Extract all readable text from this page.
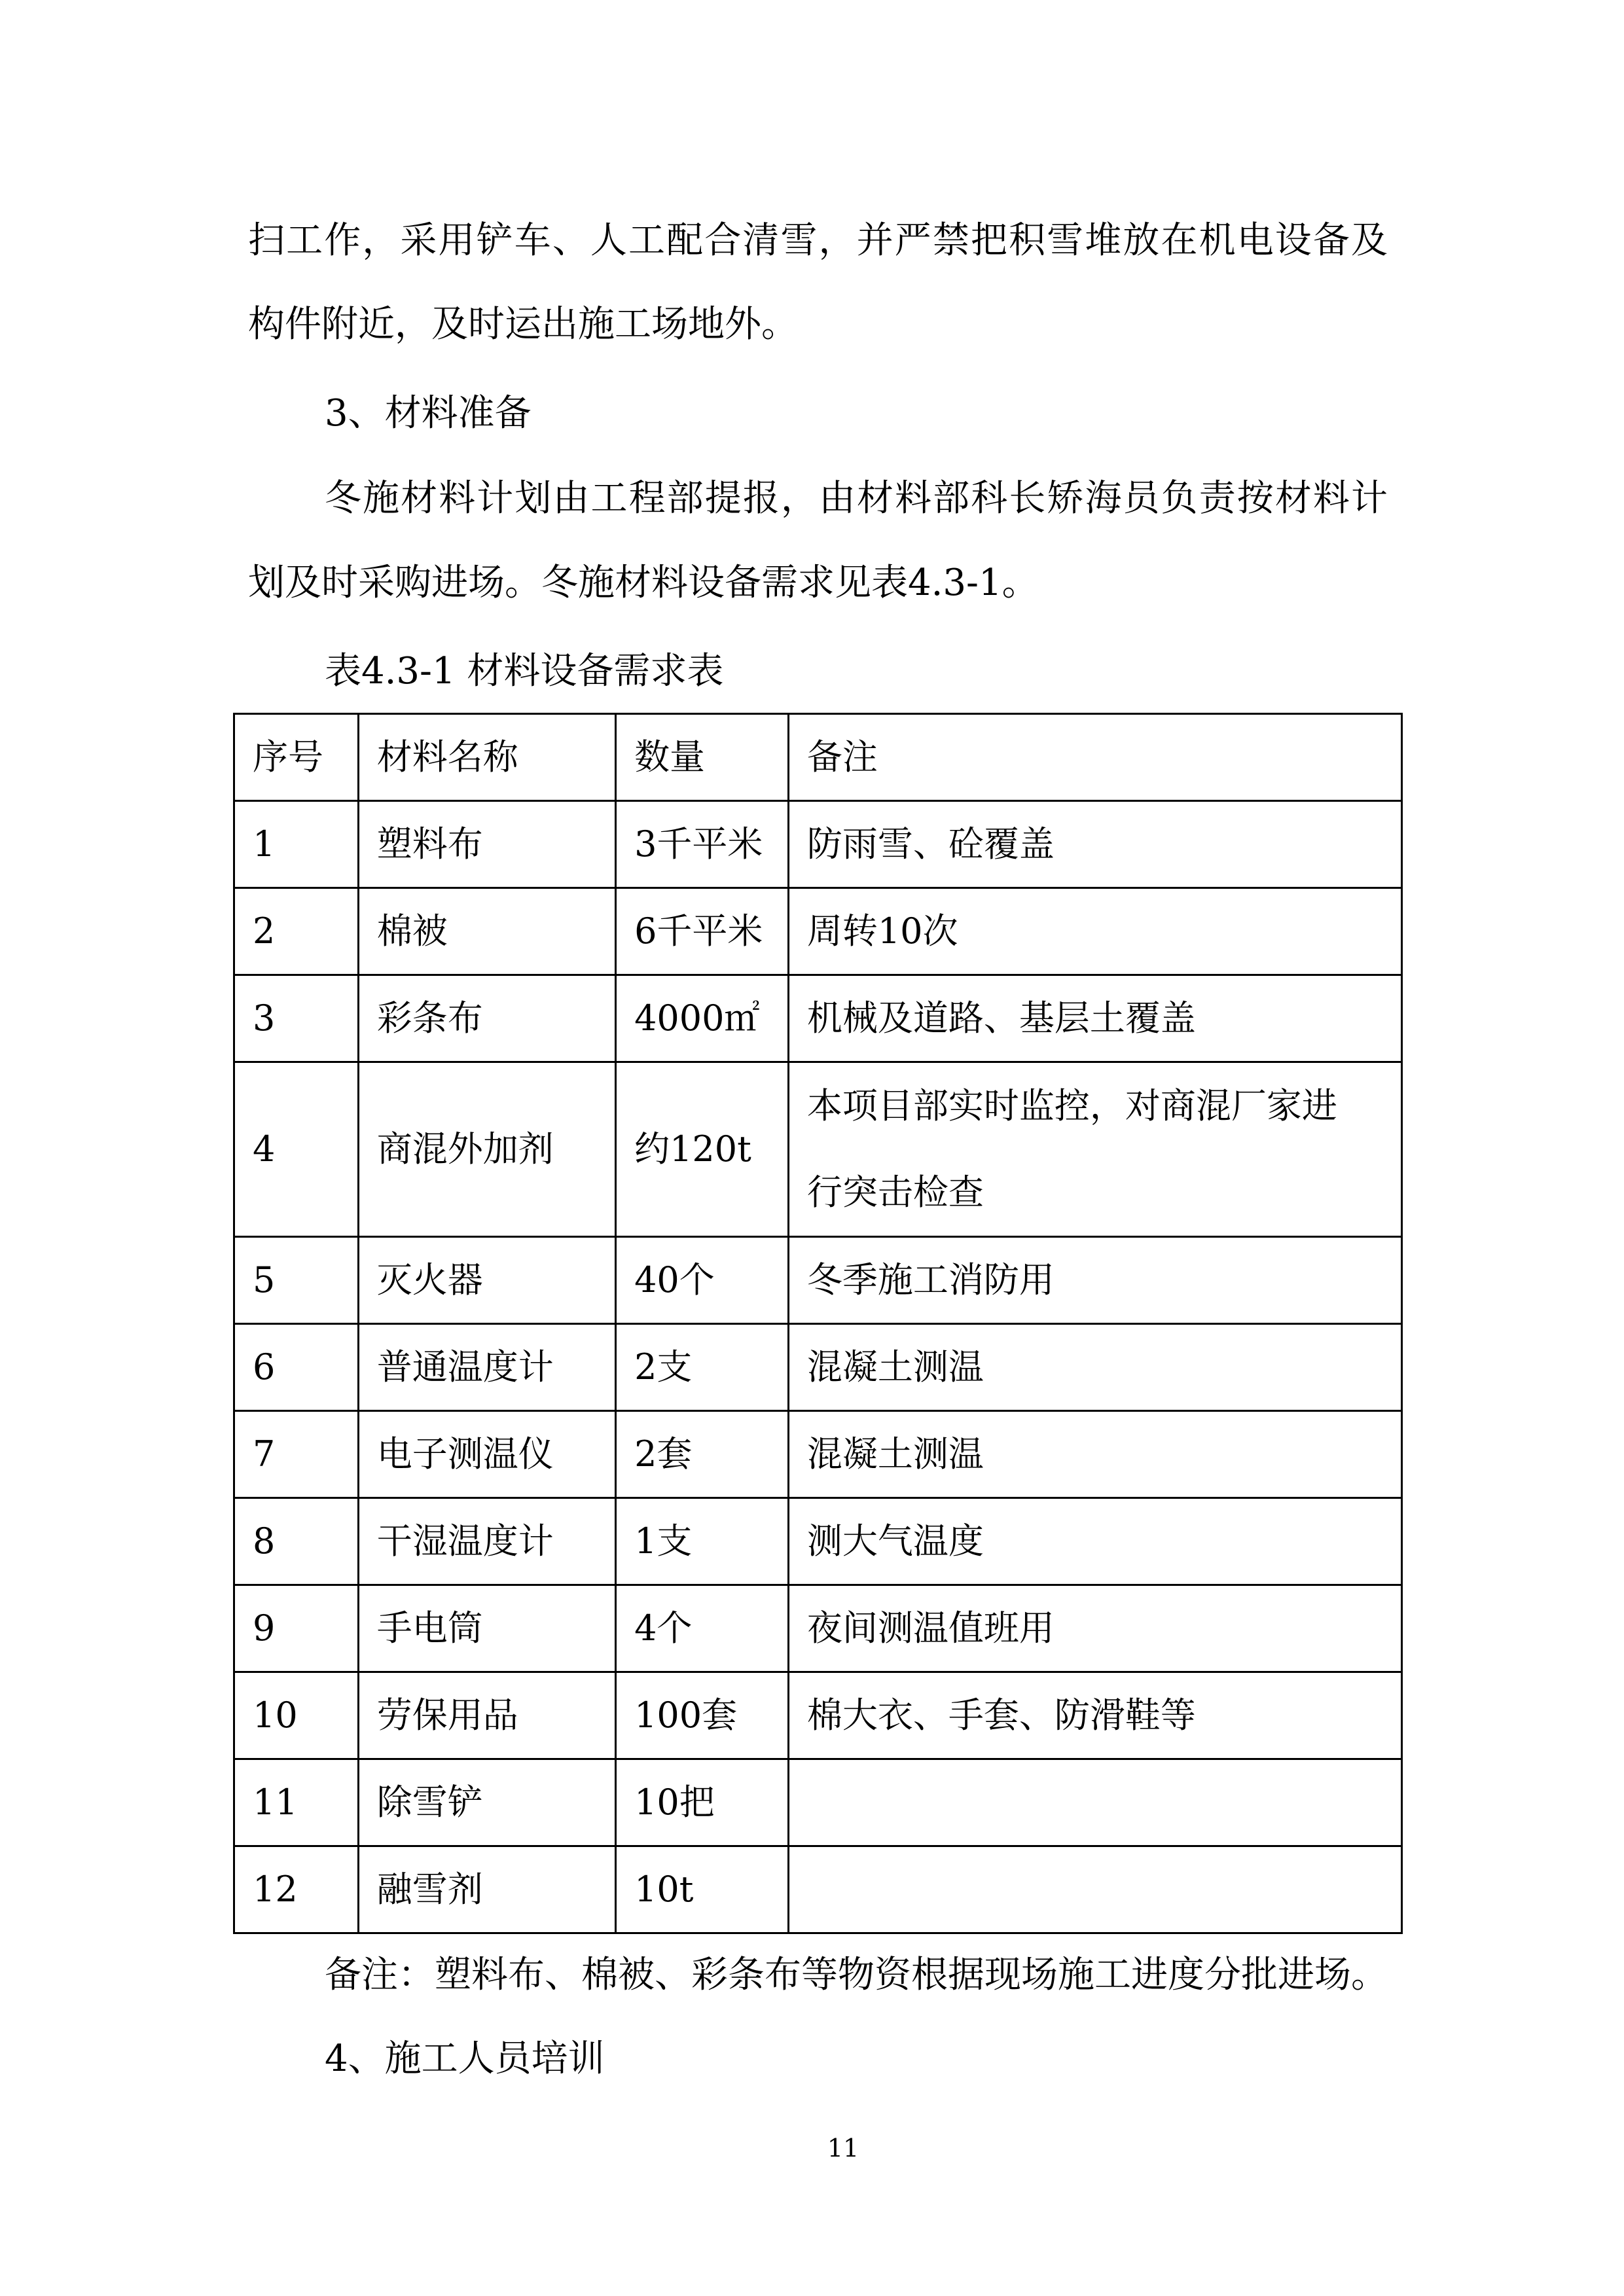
扫工作，采用铲车、人工配合清雪，并严禁把积雪堆放在机电设备及
构件附近，及时运出施工场地外。
3、材料准备
冬施材料计划由工程部提报，由材料部科长矫海员负责按材料计
划及时采购进场。冬施材料设备需求见表4.3-1。
表4.3-1 材料设备需求表
序号	材料名称	数量	备注
1	塑料布	3千平米	防雨雪、砼覆盖
2	棉被	6千平米	周转10次
3	彩条布	4000㎡	机械及道路、基层土覆盖
4	商混外加剂	约120t	本项目部实时监控，对商混厂家进
行突击检查

5	灭火器	40个	冬季施工消防用
6	普通温度计	2支	混凝土测温
7	电子测温仪	2套	混凝土测温
8	干湿温度计	1支	测大气温度
9	手电筒	4个	夜间测温值班用
10	劳保用品	100套	棉大衣、手套、防滑鞋等
11	除雪铲	10把	
12	融雪剂	10t	
备注：塑料布、棉被、彩条布等物资根据现场施工进度分批进场。
4、施工人员培训
11
